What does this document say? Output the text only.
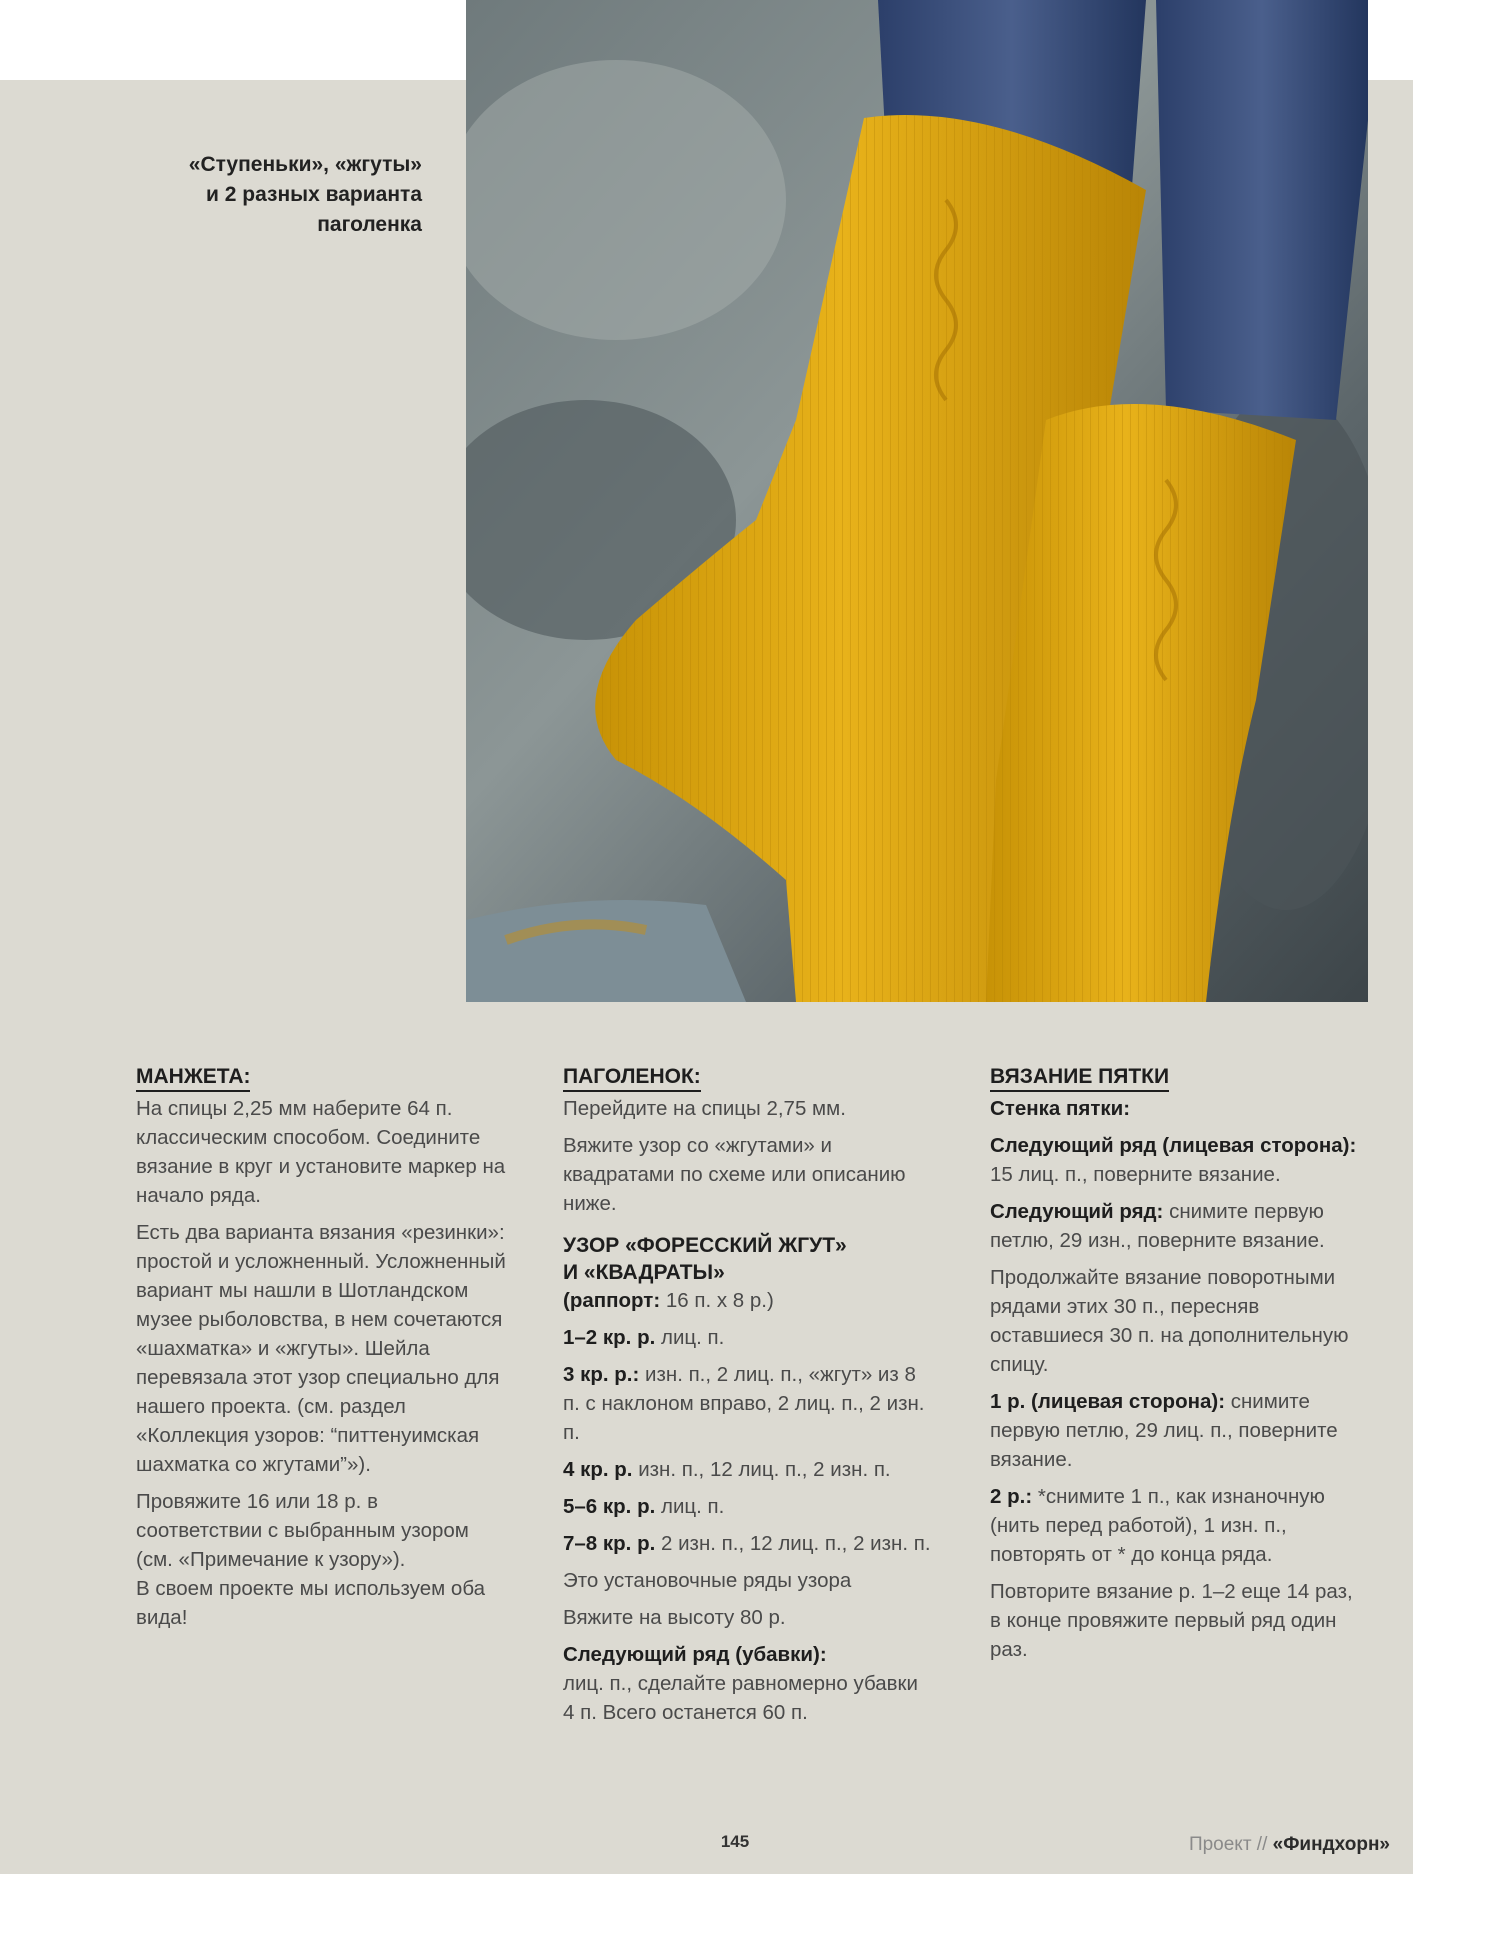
«Ступеньки», «жгуты»
и 2 разных варианта
паголенка
МАНЖЕТА:

На спицы 2,25 мм наберите 64 п. классическим способом. Соедините вязание в круг и установите маркер на начало ряда.

Есть два варианта вязания «резинки»: простой и усложненный. Усложненный вариант мы нашли в Шотландском музее рыболовства, в нем сочетаются «шахматка» и «жгуты». Шейла перевязала этот узор специально для нашего проекта. (см. раздел «Коллекция узоров: “питтенуимская шахматка со жгутами”»).

Провяжите 16 или 18 р. в соответствии с выбранным узором (см. «Примечание к узору»).

В своем проекте мы используем оба вида!

ПАГОЛЕНОК:

Перейдите на спицы 2,75 мм.

Вяжите узор со «жгутами» и квадратами по схеме или описанию ниже.

УЗОР «ФОРЕССКИЙ ЖГУТ»
И «КВАДРАТЫ»

(раппорт: 16 п. х 8 р.)

1–2 кр. р. лиц. п.

3 кр. р.: изн. п., 2 лиц. п., «жгут» из 8 п. с наклоном вправо, 2 лиц. п., 2 изн. п.

4 кр. р. изн. п., 12 лиц. п., 2 изн. п.

5–6 кр. р. лиц. п.

7–8 кр. р. 2 изн. п., 12 лиц. п., 2 изн. п.

Это установочные ряды узора

Вяжите на высоту 80 р.

Следующий ряд (убавки):
лиц. п., сделайте равномерно убавки 4 п. Всего останется 60 п.

ВЯЗАНИЕ ПЯТКИ
Стенка пятки:

Следующий ряд (лицевая сторона): 15 лиц. п., поверните вязание.

Следующий ряд: снимите первую петлю, 29 изн., поверните вязание.

Продолжайте вязание поворотными рядами этих 30 п., пересняв оставшиеся 30 п. на дополнительную спицу.

1 р. (лицевая сторона): снимите первую петлю, 29 лиц. п., поверните вязание.

2 р.: *снимите 1 п., как изнаночную (нить перед работой), 1 изн. п., повторять от * до конца ряда.

Повторите вязание р. 1–2 еще 14 раз, в конце провяжите первый ряд один раз.

145	Проект // «Финдхорн»
